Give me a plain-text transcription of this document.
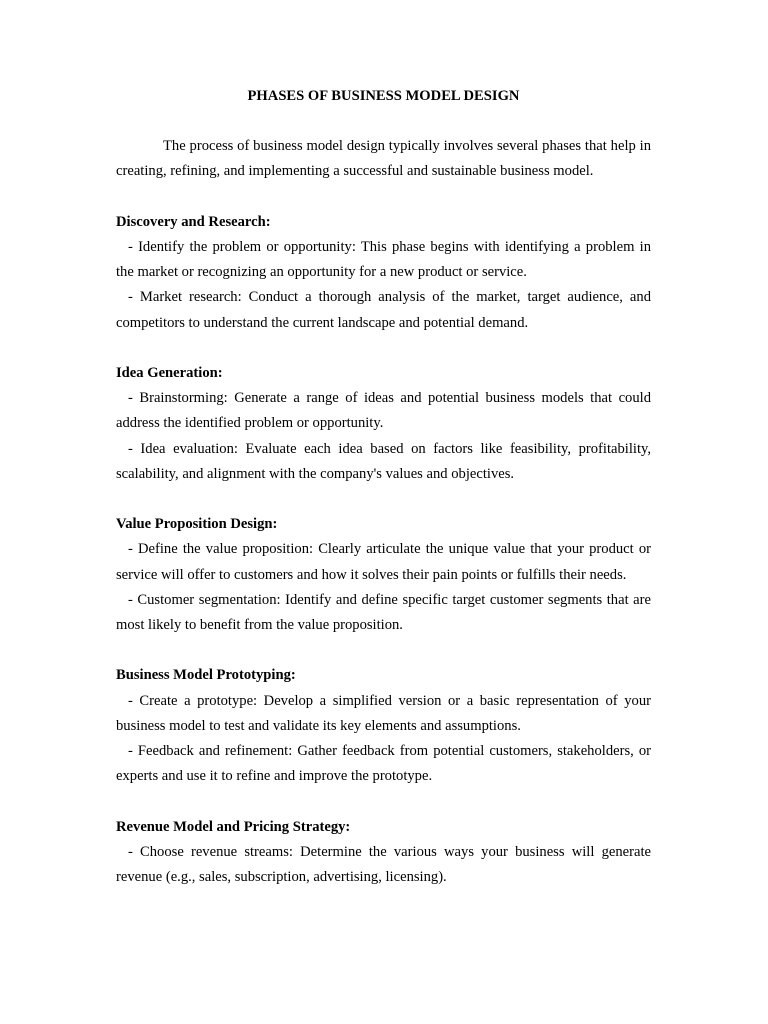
PHASES OF BUSINESS MODEL DESIGN

The process of business model design typically involves several phases that help in creating, refining, and implementing a successful and sustainable business model.

Discovery and Research:

- Identify the problem or opportunity: This phase begins with identifying a problem in the market or recognizing an opportunity for a new product or service.

- Market research: Conduct a thorough analysis of the market, target audience, and competitors to understand the current landscape and potential demand.

Idea Generation:

- Brainstorming: Generate a range of ideas and potential business models that could address the identified problem or opportunity.

- Idea evaluation: Evaluate each idea based on factors like feasibility, profitability, scalability, and alignment with the company's values and objectives.

Value Proposition Design:

- Define the value proposition: Clearly articulate the unique value that your product or service will offer to customers and how it solves their pain points or fulfills their needs.

- Customer segmentation: Identify and define specific target customer segments that are most likely to benefit from the value proposition.

Business Model Prototyping:

- Create a prototype: Develop a simplified version or a basic representation of your business model to test and validate its key elements and assumptions.

- Feedback and refinement: Gather feedback from potential customers, stakeholders, or experts and use it to refine and improve the prototype.

Revenue Model and Pricing Strategy:

- Choose revenue streams: Determine the various ways your business will generate revenue (e.g., sales, subscription, advertising, licensing).
